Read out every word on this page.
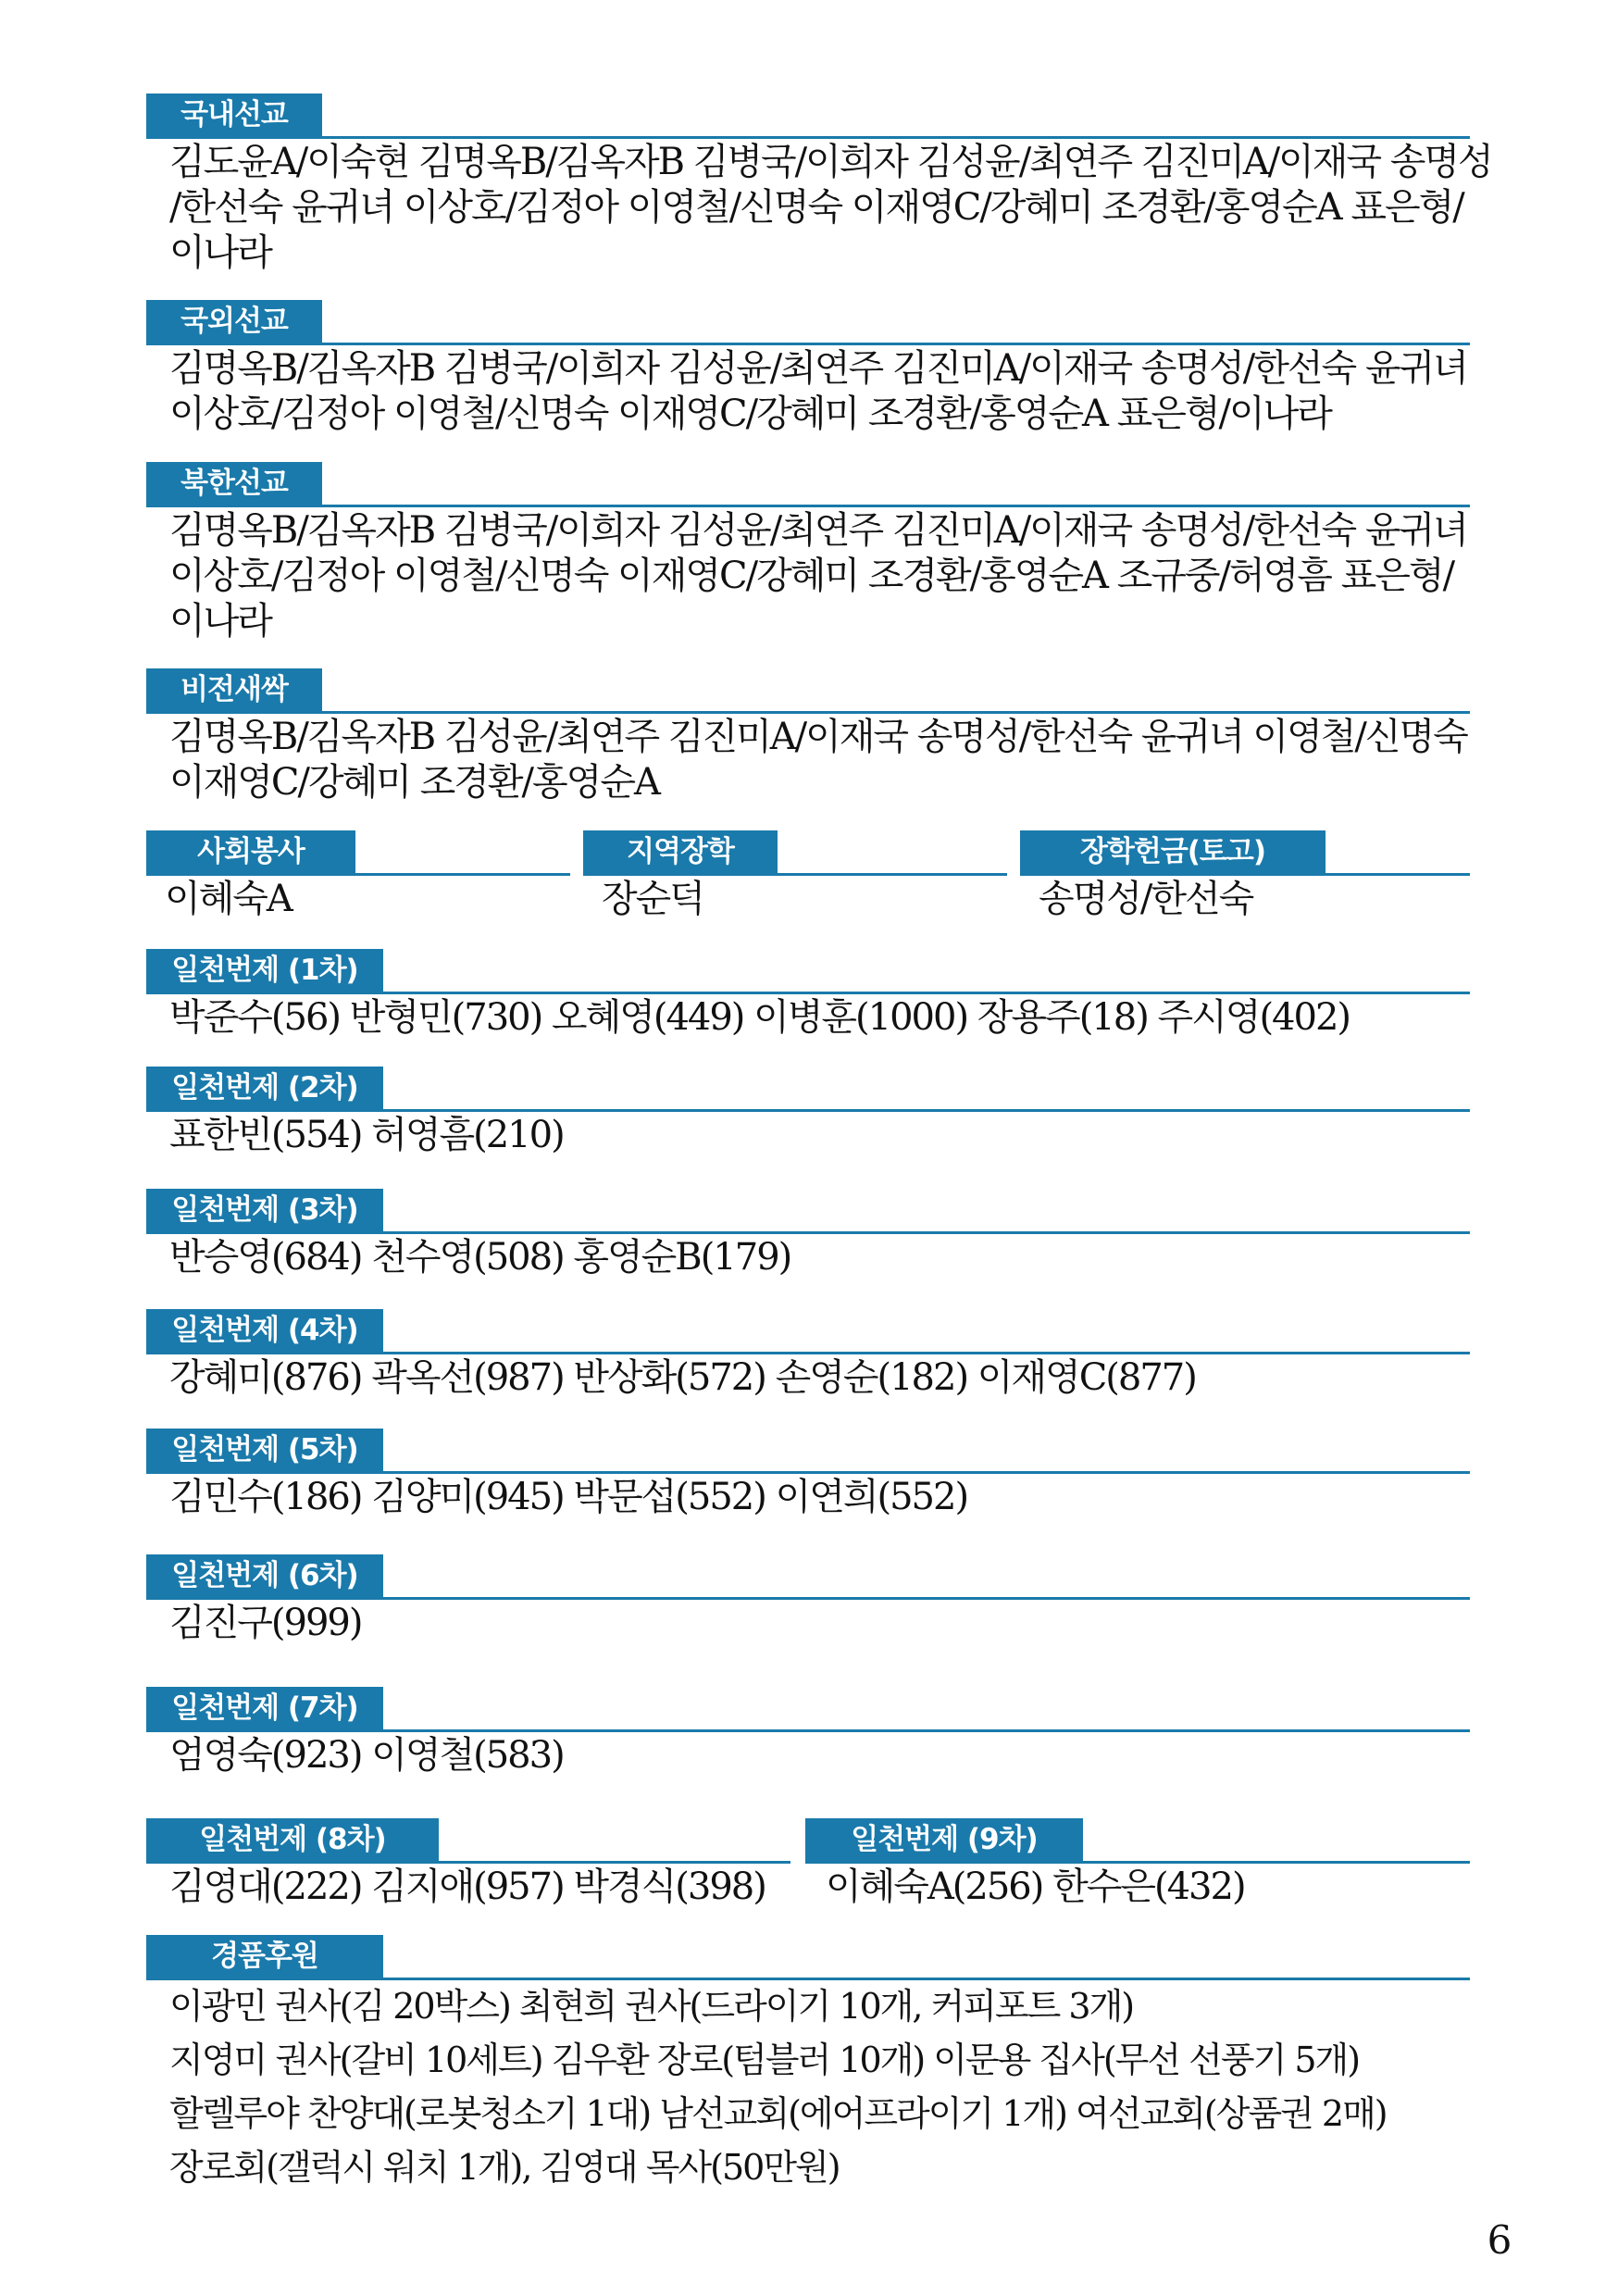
국내선교
김도윤A/이숙현 김명옥B/김옥자B 김병국/이희자 김성윤/최연주 김진미A/이재국 송명성
/한선숙 윤귀녀 이상호/김정아 이영철/신명숙 이재영C/강혜미 조경환/홍영순A 표은형/
이나라
국외선교
김명옥B/김옥자B 김병국/이희자 김성윤/최연주 김진미A/이재국 송명성/한선숙 윤귀녀
이상호/김정아 이영철/신명숙 이재영C/강혜미 조경환/홍영순A 표은형/이나라
북한선교
김명옥B/김옥자B 김병국/이희자 김성윤/최연주 김진미A/이재국 송명성/한선숙 윤귀녀
이상호/김정아 이영철/신명숙 이재영C/강혜미 조경환/홍영순A 조규중/허영흠 표은형/
이나라
비전새싹
김명옥B/김옥자B 김성윤/최연주 김진미A/이재국 송명성/한선숙 윤귀녀 이영철/신명숙
이재영C/강혜미 조경환/홍영순A
사회봉사
이혜숙A
지역장학
장순덕
장학헌금(토고)
송명성/한선숙
일천번제 (1차)
박준수(56) 반형민(730) 오혜영(449) 이병훈(1000) 장용주(18) 주시영(402)
일천번제 (2차)
표한빈(554) 허영흠(210)
일천번제 (3차)
반승영(684) 천수영(508) 홍영순B(179)
일천번제 (4차)
강혜미(876) 곽옥선(987) 반상화(572) 손영순(182) 이재영C(877)
일천번제 (5차)
김민수(186) 김양미(945) 박문섭(552) 이연희(552)
일천번제 (6차)
김진구(999)
일천번제 (7차)
엄영숙(923) 이영철(583)
일천번제 (8차)
김영대(222) 김지애(957) 박경식(398)
일천번제 (9차)
이혜숙A(256) 한수은(432)
경품후원
이광민 권사(김 20박스) 최현희 권사(드라이기 10개, 커피포트 3개)
지영미 권사(갈비 10세트) 김우환 장로(텀블러 10개) 이문용 집사(무선 선풍기 5개)
할렐루야 찬양대(로봇청소기 1대) 남선교회(에어프라이기 1개) 여선교회(상품권 2매)
장로회(갤럭시 워치 1개), 김영대 목사(50만원)
6
